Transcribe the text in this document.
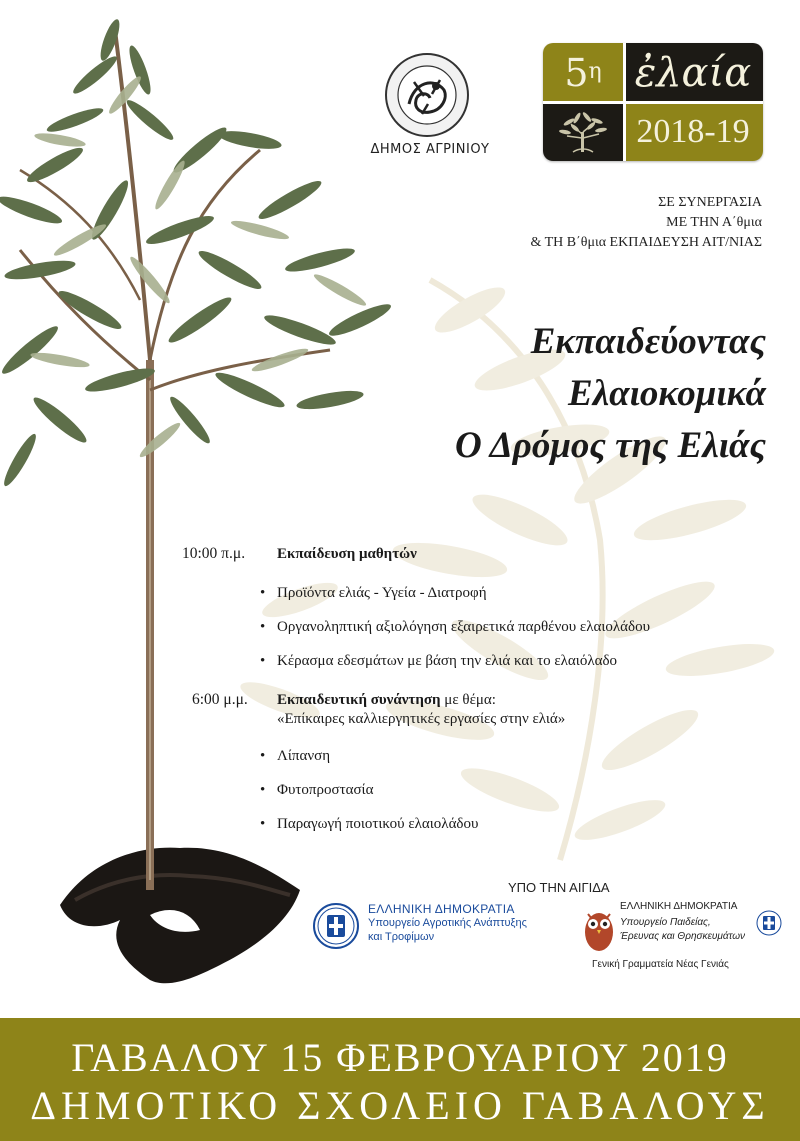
ΔΗΜΟΣ ΑΓΡΙΝΙΟΥ
$5^\eta$ ἐλαία
2018-19
ΣΕ ΣΥΝΕΡΓΑΣΙΑ
ΜΕ ΤΗΝ Α΄θμια
& ΤΗ Β΄θμια ΕΚΠΑΙΔΕΥΣΗ ΑΙΤ/ΝΙΑΣ
Εκπαιδεύοντας
Ελαιοκομικά
Ο Δρόμος της Ελιάς
10:00 π.μ.	Εκπαίδευση μαθητών
• Προϊόντα ελιάς - Υγεία - Διατροφή
• Οργανοληπτική αξιολόγηση εξαιρετικά παρθένου ελαιολάδου
• Κέρασμα εδεσμάτων με βάση την ελιά και το ελαιόλαδο
6:00 μ.μ.	Εκπαιδευτική συνάντηση με θέμα:
«Επίκαιρες καλλιεργητικές εργασίες στην ελιά»
• Λίπανση
• Φυτοπροστασία
• Παραγωγή ποιοτικού ελαιολάδου
ΥΠΟ ΤΗΝ ΑΙΓΙΔΑ
ΕΛΛΗΝΙΚΗ ΔΗΜΟΚΡΑΤΙΑ
Υπουργείο Αγροτικής Ανάπτυξης
και Τροφίμων
ΕΛΛΗΝΙΚΗ ΔΗΜΟΚΡΑΤΙΑ
Υπουργείο Παιδείας,
Έρευνας και Θρησκευμάτων
Γενική Γραμματεία Νέας Γενιάς
ΓΑΒΑΛΟΥ 15 ΦΕΒΡΟΥΑΡΙΟΥ 2019
ΔΗΜΟΤΙΚΟ ΣΧΟΛΕΙΟ ΓΑΒΑΛΟΥΣ
